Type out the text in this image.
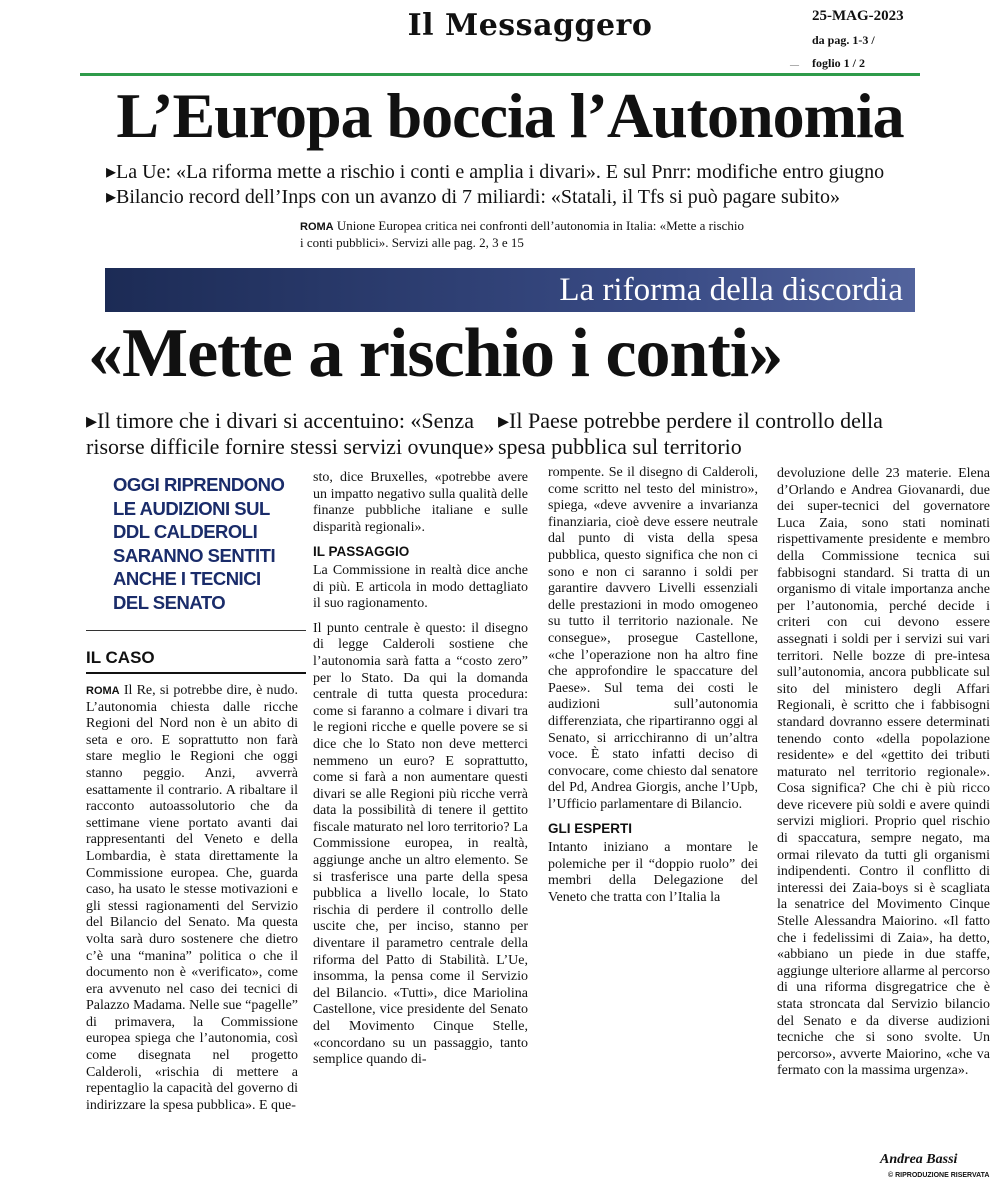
Il Messaggero	25-MAG-2023
da pag. 1-3 /
— foglio 1 / 2
L’Europa boccia l’Autonomia
▸La Ue: «La riforma mette a rischio i conti e amplia i divari». E sul Pnrr: modifiche entro giugno
▸Bilancio record dell’Inps con un avanzo di 7 miliardi: «Statali, il Tfs si può pagare subito»
ROMA Unione Europea critica nei confronti dell’autonomia in Italia: «Mette a rischio i conti pubblici». Servizi alle pag. 2, 3 e 15
La riforma della discordia
«Mette a rischio i conti»
▸Il timore che i divari si accentuino: «Senza risorse difficile fornire stessi servizi ovunque»
▸Il Paese potrebbe perdere il controllo della spesa pubblica sul territorio
OGGI RIPRENDONO LE AUDIZIONI SUL DDL CALDEROLI SARANNO SENTITI ANCHE I TECNICI DEL SENATO
IL CASO

ROMA Il Re, si potrebbe dire, è nudo. L’autonomia chiesta dalle ricche Regioni del Nord non è un abito di seta e oro. E soprattutto non farà stare meglio le Regioni che oggi stanno peggio. Anzi, avverrà esattamente il contrario. A ribaltare il racconto autoassolutorio che da settimane viene portato avanti dai rappresentanti del Veneto e della Lombardia, è stata direttamente la Commissione europea. Che, guarda caso, ha usato le stesse motivazioni e gli stessi ragionamenti del Servizio del Bilancio del Senato. Ma questa volta sarà duro sostenere che dietro c’è una “manina” politica o che il documento non è «verificato», come era avvenuto nel caso dei tecnici di Palazzo Madama. Nelle sue “pagelle” di primavera, la Commissione europea spiega che l’autonomia, così come disegnata nel progetto Calderoli, «rischia di mettere a repentaglio la capacità del governo di indirizzare la spesa pubblica». E que-

sto, dice Bruxelles, «potrebbe avere un impatto negativo sulla qualità delle finanze pubbliche italiane e sulle disparità regionali».

IL PASSAGGIO

La Commissione in realtà dice anche di più. E articola in modo dettagliato il suo ragionamento.

Il punto centrale è questo: il disegno di legge Calderoli sostiene che l’autonomia sarà fatta a “costo zero” per lo Stato. Da qui la domanda centrale di tutta questa procedura: come si faranno a colmare i divari tra le regioni ricche e quelle povere se si dice che lo Stato non deve metterci nemmeno un euro? E soprattutto, come si farà a non aumentare questi divari se alle Regioni più ricche verrà data la possibilità di tenere il gettito fiscale maturato nel loro territorio? La Commissione europea, in realtà, aggiunge anche un altro elemento. Se si trasferisce una parte della spesa pubblica a livello locale, lo Stato rischia di perdere il controllo delle uscite che, per inciso, stanno per diventare il parametro centrale della riforma del Patto di Stabilità. L’Ue, insomma, la pensa come il Servizio del Bilancio. «Tutti», dice Mariolina Castellone, vice presidente del Senato del Movimento Cinque Stelle, «concordano su un passaggio, tanto semplice quando di-

rompente. Se il disegno di Calderoli, come scritto nel testo del ministro», spiega, «deve avvenire a invarianza finanziaria, cioè deve essere neutrale dal punto di vista della spesa pubblica, questo significa che non ci sono e non ci saranno i soldi per garantire davvero Livelli essenziali delle prestazioni in modo omogeneo su tutto il territorio nazionale. Ne consegue», prosegue Castellone, «che l’operazione non ha altro fine che approfondire le spaccature del Paese». Sul tema dei costi le audizioni sull’autonomia differenziata, che ripartiranno oggi al Senato, si arricchiranno di un’altra voce. È stato infatti deciso di convocare, come chiesto dal senatore del Pd, Andrea Giorgis, anche l’Upb, l’Ufficio parlamentare di Bilancio.

GLI ESPERTI

Intanto iniziano a montare le polemiche per il “doppio ruolo” dei membri della Delegazione del Veneto che tratta con l’Italia la

devoluzione delle 23 materie. Elena d’Orlando e Andrea Giovanardi, due dei super-tecnici del governatore Luca Zaia, sono stati nominati rispettivamente presidente e membro della Commissione tecnica sui fabbisogni standard. Si tratta di un organismo di vitale importanza anche per l’autonomia, perché decide i criteri con cui devono essere assegnati i soldi per i servizi sui vari territori. Nelle bozze di pre-intesa sull’autonomia, ancora pubblicate sul sito del ministero degli Affari Regionali, è scritto che i fabbisogni standard dovranno essere determinati tenendo conto «della popolazione residente» e del «gettito dei tributi maturato nel territorio regionale». Cosa significa? Che chi è più ricco deve ricevere più soldi e avere quindi servizi migliori. Proprio quel rischio di spaccatura, sempre negato, ma ormai rilevato da tutti gli organismi indipendenti. Contro il conflitto di interessi dei Zaia-boys si è scagliata la senatrice del Movimento Cinque Stelle Alessandra Maiorino. «Il fatto che i fedelissimi di Zaia», ha detto, «abbiano un piede in due staffe, aggiunge ulteriore allarme al percorso di una riforma disgregatrice che è stata stroncata dal Servizio bilancio del Senato e da diverse audizioni tecniche che si sono svolte. Un percorso», avverte Maiorino, «che va fermato con la massima urgenza».

Andrea Bassi
© RIPRODUZIONE RISERVATA
